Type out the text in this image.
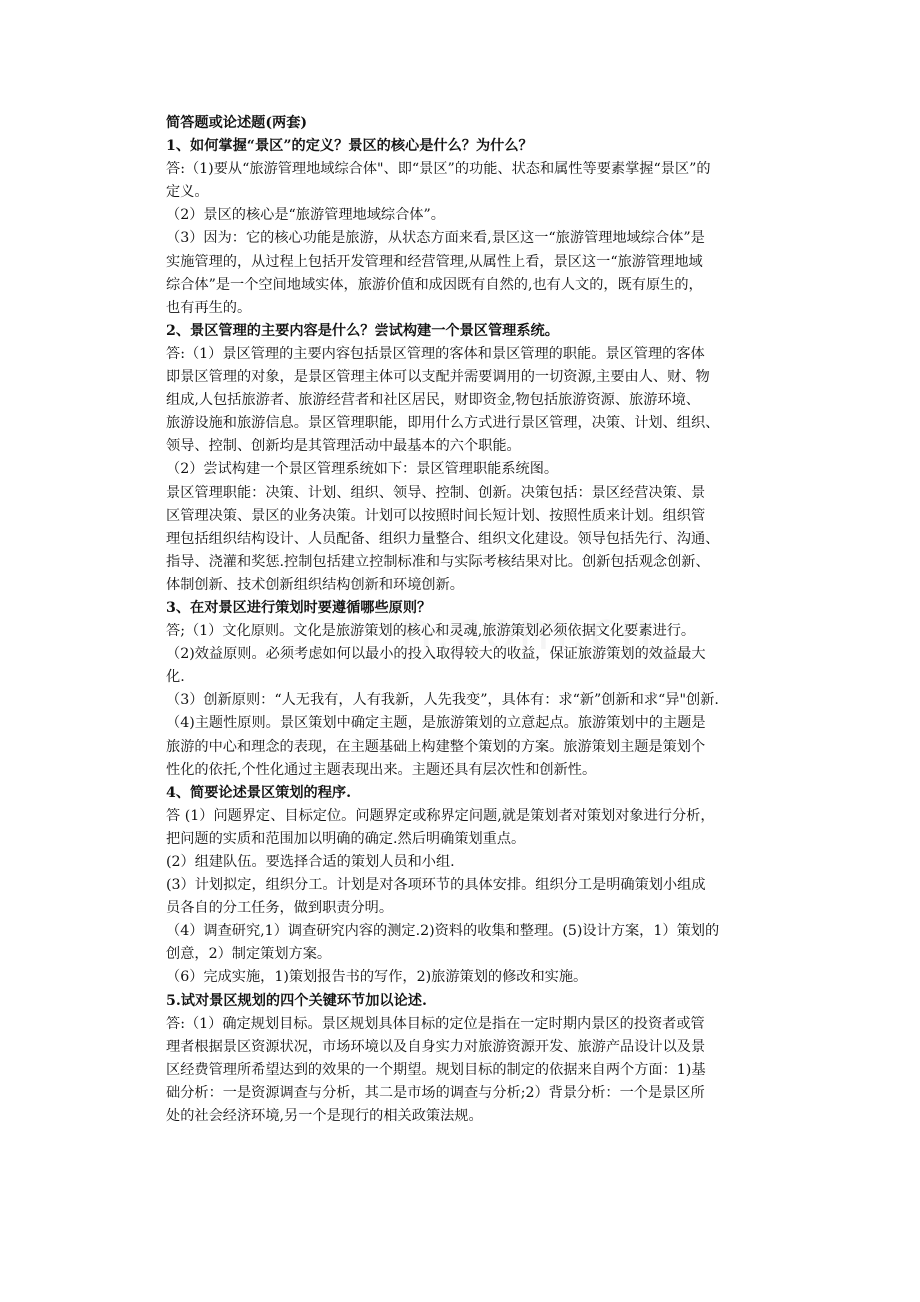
简答题或论述题(两套)
1、如何掌握“景区”的定义？景区的核心是什么？为什么？
答:（1)要从“旅游管理地域综合体"、即“景区”的功能、状态和属性等要素掌握“景区”的
定义。
（2）景区的核心是“旅游管理地域综合体”。
（3）因为：它的核心功能是旅游，从状态方面来看,景区这一“旅游管理地域综合体”是
实施管理的，从过程上包括开发管理和经营管理,从属性上看，景区这一“旅游管理地域
综合体”是一个空间地域实体，旅游价值和成因既有自然的,也有人文的，既有原生的，
也有再生的。
2、景区管理的主要内容是什么？尝试构建一个景区管理系统。
答:（1）景区管理的主要内容包括景区管理的客体和景区管理的职能。景区管理的客体
即景区管理的对象，是景区管理主体可以支配并需要调用的一切资源,主要由人、财、物
组成,人包括旅游者、旅游经营者和社区居民，财即资金,物包括旅游资源、旅游环境、
旅游设施和旅游信息。景区管理职能，即用什么方式进行景区管理，决策、计划、组织、
领导、控制、创新均是其管理活动中最基本的六个职能。
（2）尝试构建一个景区管理系统如下：景区管理职能系统图。
景区管理职能：决策、计划、组织、领导、控制、创新。决策包括：景区经营决策、景
区管理决策、景区的业务决策。计划可以按照时间长短计划、按照性质来计划。组织管
理包括组织结构设计、人员配备、组织力量整合、组织文化建设。领导包括先行、沟通、
指导、浇灌和奖惩.控制包括建立控制标准和与实际考核结果对比。创新包括观念创新、
体制创新、技术创新组织结构创新和环境创新。
3、在对景区进行策划时要遵循哪些原则？
答;（1）文化原则。文化是旅游策划的核心和灵魂,旅游策划必须依据文化要素进行。
（2)效益原则。必须考虑如何以最小的投入取得较大的收益，保证旅游策划的效益最大
化.
（3）创新原则：“人无我有，人有我新，人先我变”，具体有：求“新”创新和求“异"创新.
（4)主题性原则。景区策划中确定主题，是旅游策划的立意起点。旅游策划中的主题是
旅游的中心和理念的表现，在主题基础上构建整个策划的方案。旅游策划主题是策划个
性化的依托,个性化通过主题表现出来。主题还具有层次性和创新性。
4、简要论述景区策划的程序.
答 (1）问题界定、目标定位。问题界定或称界定问题,就是策划者对策划对象进行分析，
把问题的实质和范围加以明确的确定.然后明确策划重点。
(2）组建队伍。要选择合适的策划人员和小组.
(3）计划拟定，组织分工。计划是对各项环节的具体安排。组织分工是明确策划小组成
员各自的分工任务，做到职责分明。
（4）调查研究,1）调查研究内容的测定.2)资料的收集和整理。(5)设计方案，1）策划的
创意，2）制定策划方案。
（6）完成实施，1)策划报告书的写作，2)旅游策划的修改和实施。
5.试对景区规划的四个关键环节加以论述.
答:（1）确定规划目标。景区规划具体目标的定位是指在一定时期内景区的投资者或管
理者根据景区资源状况，市场环境以及自身实力对旅游资源开发、旅游产品设计以及景
区经费管理所希望达到的效果的一个期望。规划目标的制定的依据来自两个方面：1)基
础分析：一是资源调查与分析，其二是市场的调查与分析;2）背景分析：一个是景区所
处的社会经济环境,另一个是现行的相关政策法规。
